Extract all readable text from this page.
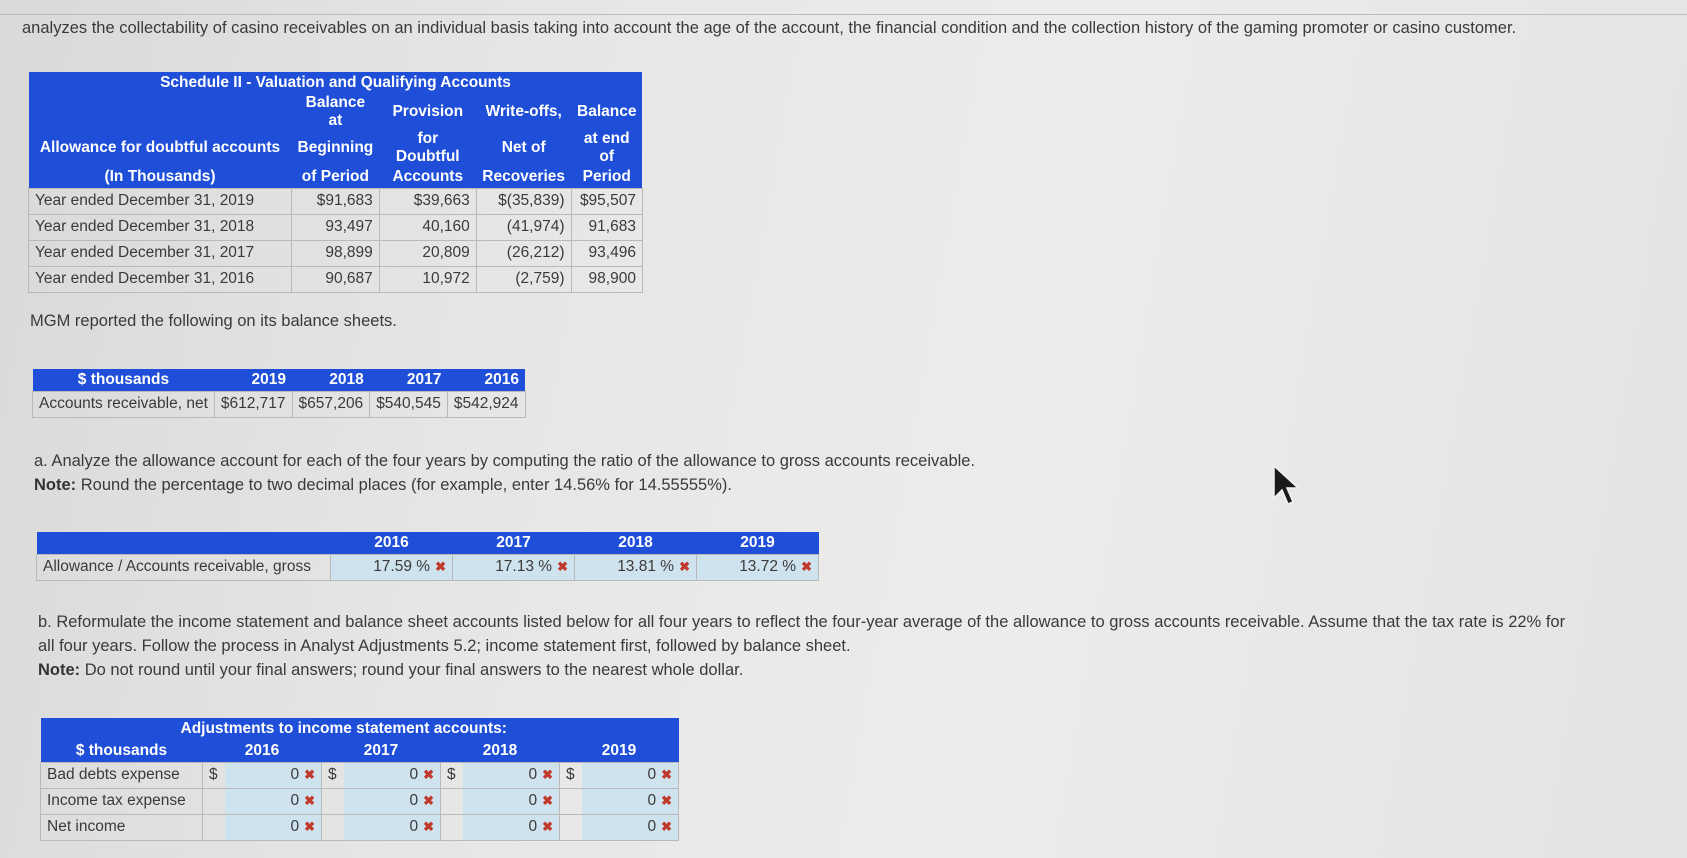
analyzes the collectability of casino receivables on an individual basis taking into account the age of the account, the financial condition and the collection history of the gaming promoter or casino customer.
Schedule II - Valuation and Qualifying Accounts				
	Balance at	Provision	Write-offs,	Balance
Allowance for doubtful accounts	Beginning	for Doubtful	Net of	at end of
(In Thousands)	of Period	Accounts	Recoveries	Period
Year ended December 31, 2019	$91,683	$39,663	$(35,839)	$95,507
Year ended December 31, 2018	93,497	40,160	(41,974)	91,683
Year ended December 31, 2017	98,899	20,809	(26,212)	93,496
Year ended December 31, 2016	90,687	10,972	(2,759)	98,900
MGM reported the following on its balance sheets.
$ thousands	2019	2018	2017	2016
Accounts receivable, net	$612,717	$657,206	$540,545	$542,924
a. Analyze the allowance account for each of the four years by computing the ratio of the allowance to gross accounts receivable.
Note: Round the percentage to two decimal places (for example, enter 14.56% for 14.55555%).
	2016	2017	2018	2019
Allowance / Accounts receivable, gross	17.59 % ✖	17.13 % ✖	13.81 % ✖	13.72 % ✖
b. Reformulate the income statement and balance sheet accounts listed below for all four years to reflect the four-year average of the allowance to gross accounts receivable. Assume that the tax rate is 22% for
all four years. Follow the process in Analyst Adjustments 5.2; income statement first, followed by balance sheet.
Note: Do not round until your final answers; round your final answers to the nearest whole dollar.
Adjustments to income statement accounts:								
$ thousands	2016		2017		2018		2019	
Bad debts expense	$	0 ✖	$	0 ✖	$	0 ✖	$	0 ✖
Income tax expense		0 ✖		0 ✖		0 ✖		0 ✖
Net income		0 ✖		0 ✖		0 ✖		0 ✖
